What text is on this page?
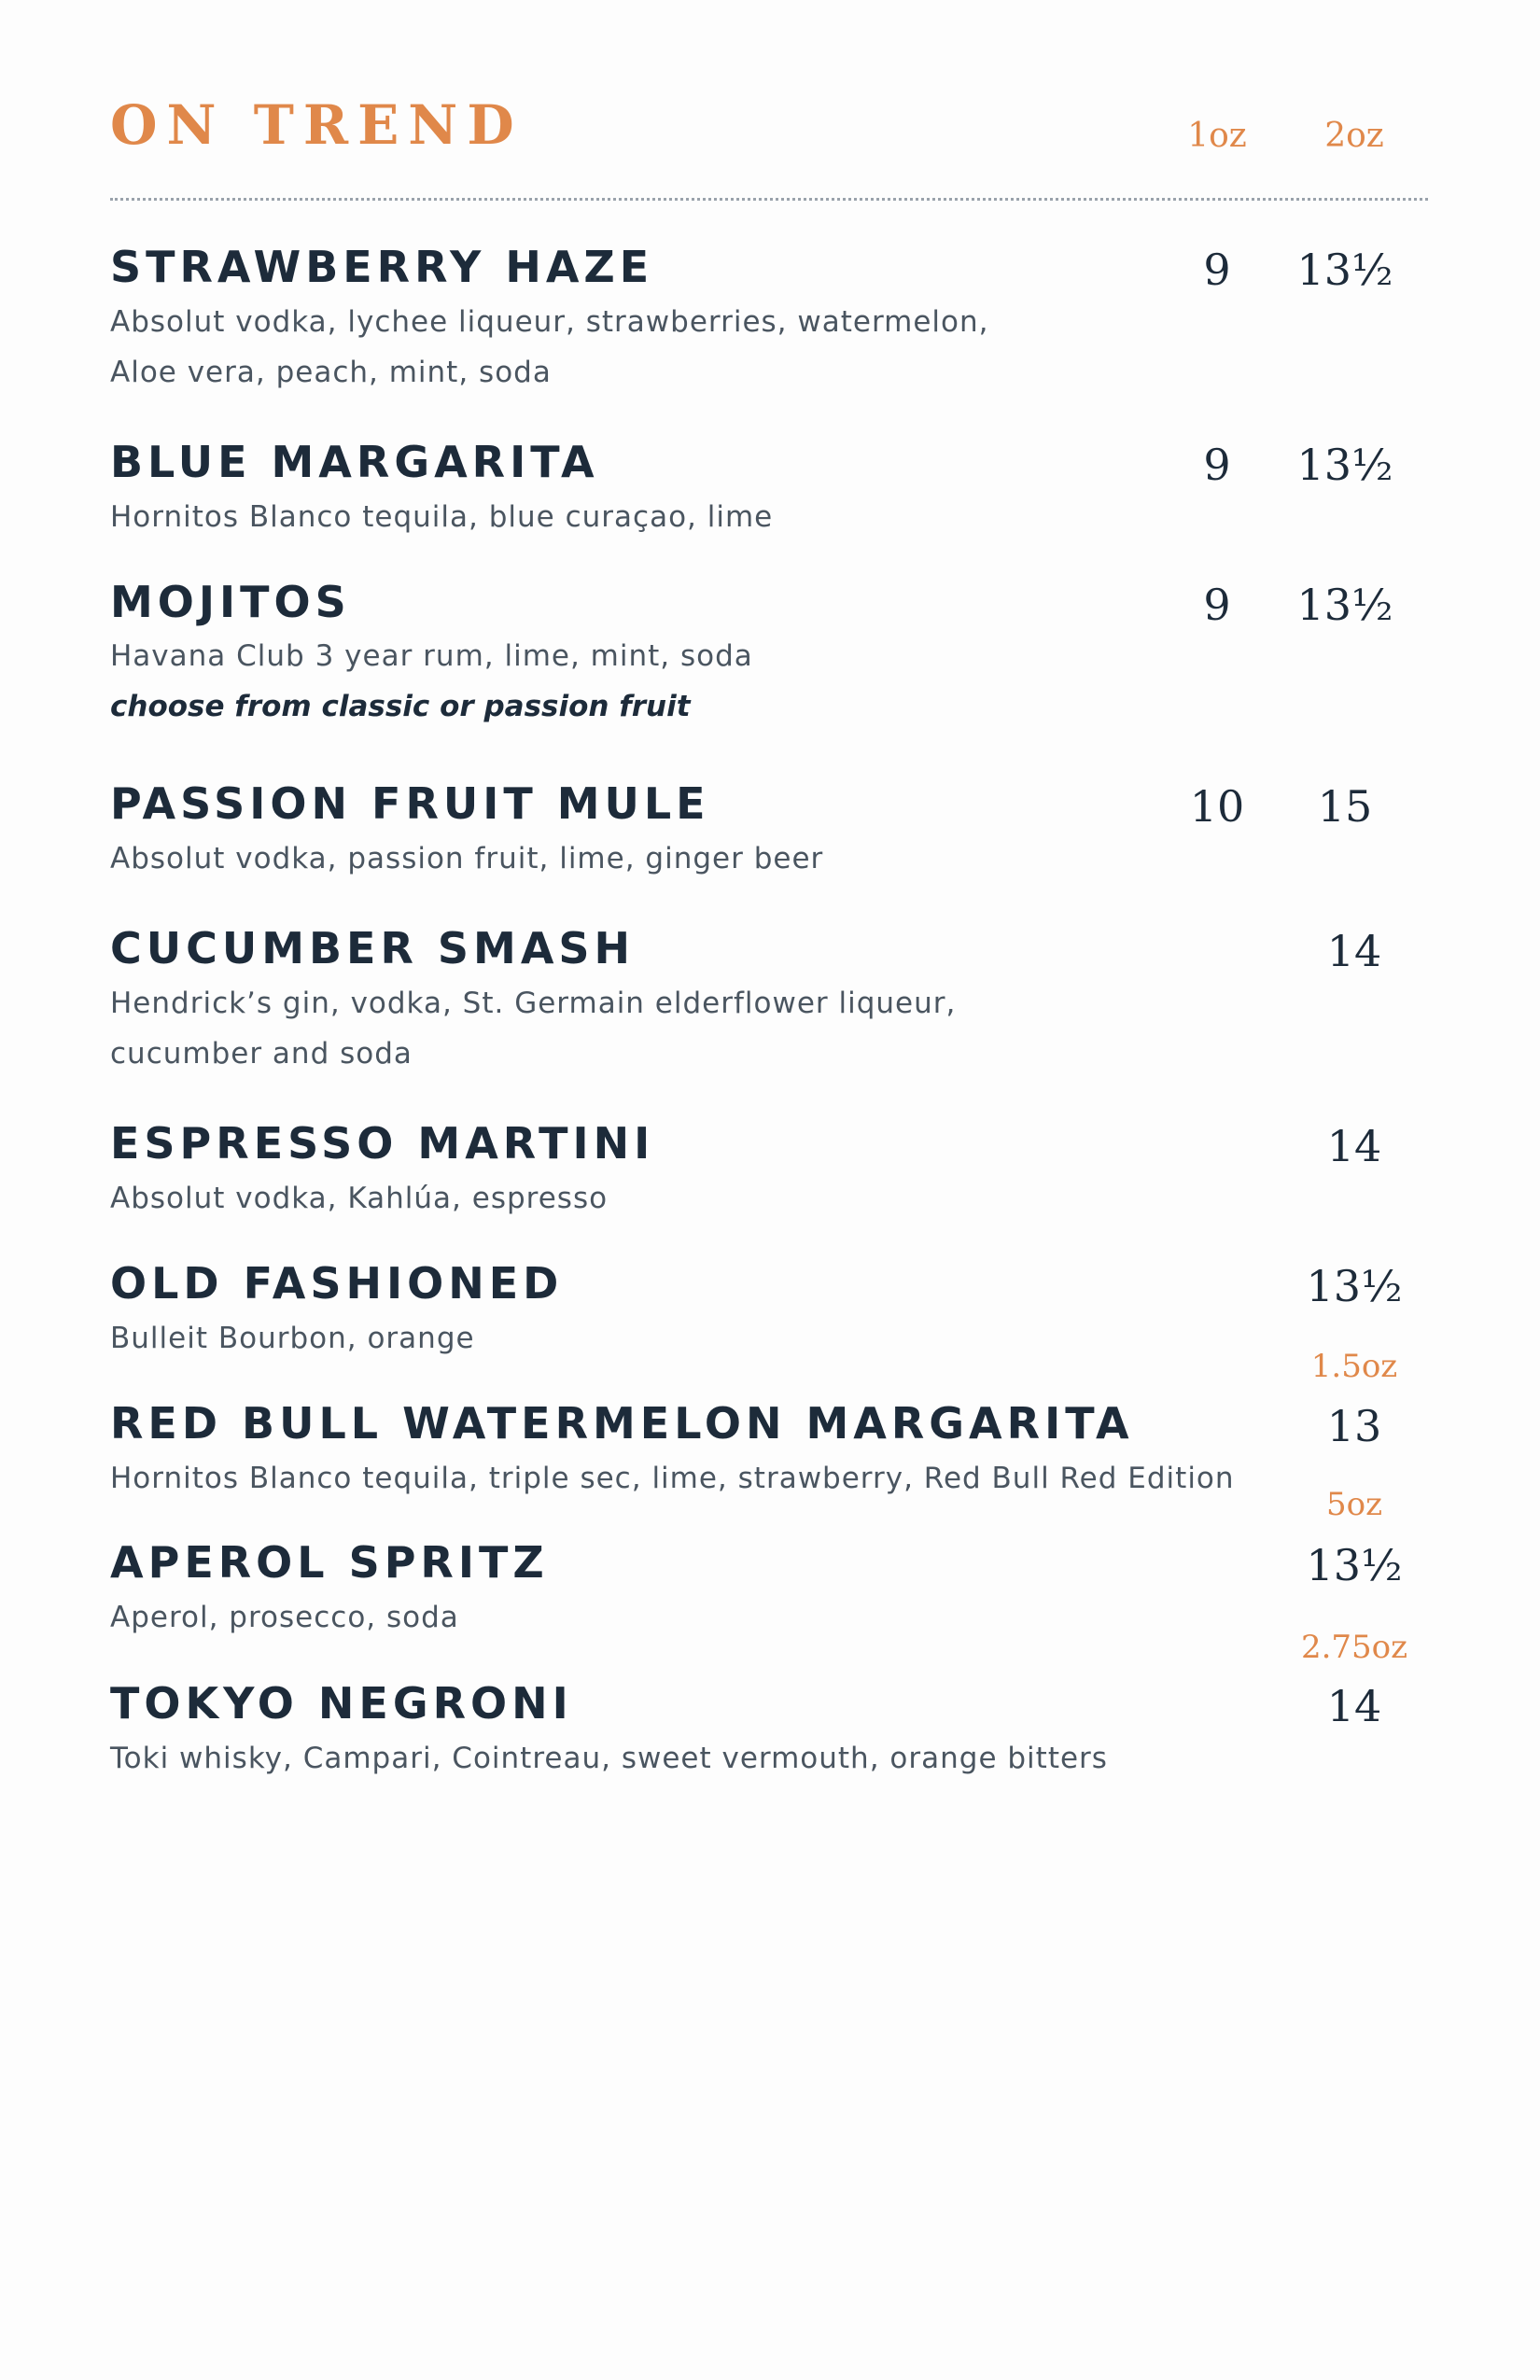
ON TREND	1oz 2oz
STRAWBERRY HAZE
Absolut vodka, lychee liqueur, strawberries, watermelon,
Aloe vera, peach, mint, soda
9 13½
BLUE MARGARITA
Hornitos Blanco tequila, blue curaçao, lime
9 13½
MOJITOS
Havana Club 3 year rum, lime, mint, soda
choose from classic or passion fruit
9 13½
PASSION FRUIT MULE
Absolut vodka, passion fruit, lime, ginger beer
10 15
CUCUMBER SMASH
Hendrick’s gin, vodka, St. Germain elderflower liqueur,
cucumber and soda
14
ESPRESSO MARTINI
Absolut vodka, Kahlúa, espresso
14
OLD FASHIONED
Bulleit Bourbon, orange
13½
1.5oz
RED BULL WATERMELON MARGARITA
Hornitos Blanco tequila, triple sec, lime, strawberry, Red Bull Red Edition
13
5oz
APEROL SPRITZ
Aperol, prosecco, soda
13½
2.75oz
TOKYO NEGRONI
Toki whisky, Campari, Cointreau, sweet vermouth, orange bitters
14
